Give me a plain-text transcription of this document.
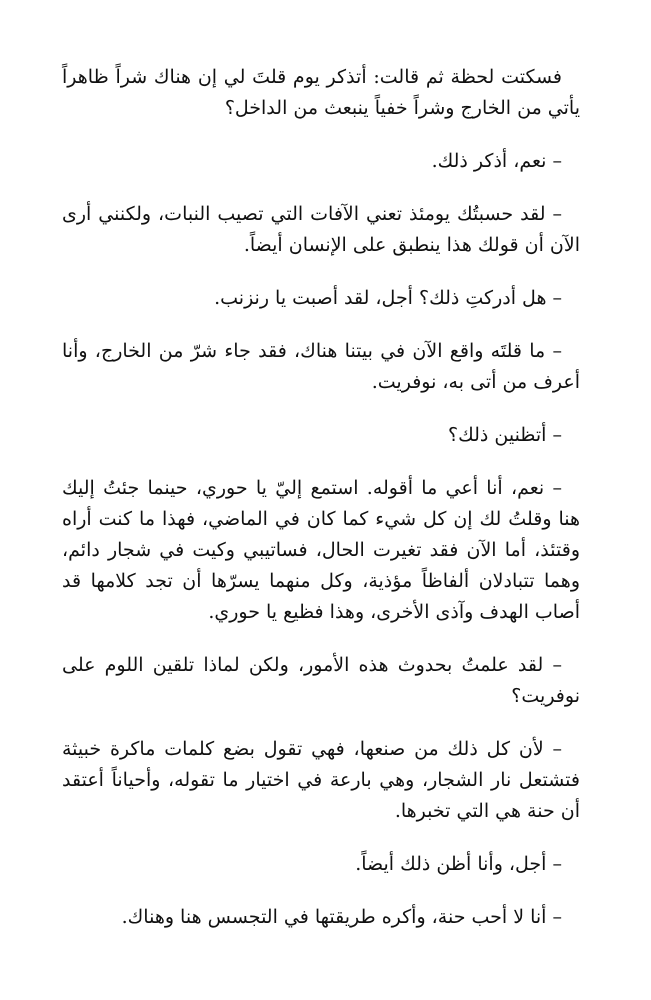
فسكتت لحظة ثم قالت: أتذكر يوم قلتَ لي إن هناك شراً ظاهراً يأتي من الخارج وشراً خفياً ينبعث من الداخل؟

– نعم، أذكر ذلك.

– لقد حسبتُك يومئذ تعني الآفات التي تصيب النبات، ولكنني أرى الآن أن قولك هذا ينطبق على الإنسان أيضاً.

– هل أدركتِ ذلك؟ أجل، لقد أصبت يا رنزنب.

– ما قلتَه واقع الآن في بيتنا هناك، فقد جاء شرّ من الخارج، وأنا أعرف من أتى به، نوفريت.

– أتظنين ذلك؟

– نعم، أنا أعي ما أقوله. استمع إليّ يا حوري، حينما جئتُ إليك هنا وقلتُ لك إن كل شيء كما كان في الماضي، فهذا ما كنت أراه وقتئذ، أما الآن فقد تغيرت الحال، فساتيبي وكيت في شجار دائم، وهما تتبادلان ألفاظاً مؤذية، وكل منهما يسرّها أن تجد كلامها قد أصاب الهدف وآذى الأخرى، وهذا فظيع يا حوري.

– لقد علمتُ بحدوث هذه الأمور، ولكن لماذا تلقين اللوم على نوفريت؟

– لأن كل ذلك من صنعها، فهي تقول بضع كلمات ماكرة خبيثة فتشتعل نار الشجار، وهي بارعة في اختيار ما تقوله، وأحياناً أعتقد أن حنة هي التي تخبرها.

– أجل، وأنا أظن ذلك أيضاً.

– أنا لا أحب حنة، وأكره طريقتها في التجسس هنا وهناك.
